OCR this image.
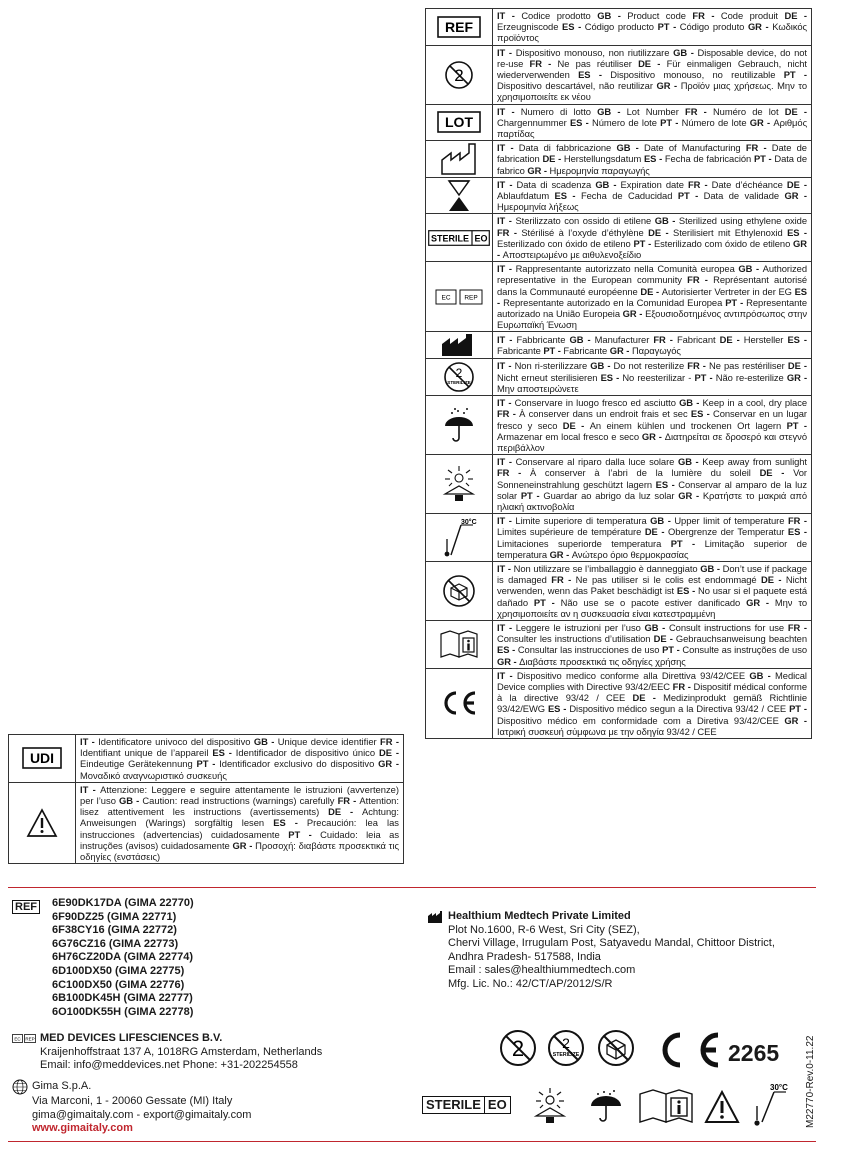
REF	IT - Codice prodotto GB - Product code FR - Code produit DE - Erzeugniscode ES - Código producto PT - Código produto GR - Κωδικός προϊόντος

2	IT - Dispositivo monouso, non riutilizzare GB - Disposable device, do not re-use FR - Ne pas réutiliser DE - Für einmaligen Gebrauch, nicht wiederverwenden ES - Dispositivo monouso, no reutilizable PT - Dispositivo descartável, não reutilizar GR - Προϊόν μιας χρήσεως. Μην το χρησιμοποιείτε εκ νέου

LOT	IT - Numero di lotto GB - Lot Number FR - Numéro de lot DE - Chargennummer ES - Número de lote PT - Número de lote GR - Αριθμός παρτίδας

	IT - Data di fabbricazione GB - Date of Manufacturing FR - Date de fabrication DE - Herstellungsdatum ES - Fecha de fabricación PT - Data de fabrico GR - Ημερομηνία παραγωγής

	IT - Data di scadenza GB - Expiration date FR - Date d’échéance DE - Ablaufdatum ES - Fecha de Caducidad PT - Data de validade GR - Ημερομηνία λήξεως

STERILE EO	IT - Sterilizzato con ossido di etilene GB - Sterilized using ethylene oxide FR - Stérilisé à l’oxyde d’éthylène DE - Sterilisiert mit Ethylenoxid ES - Esterilizado con óxido de etileno PT - Esterilizado com óxido de etileno GR - Αποστειρωμένο με αιθυλενοξείδιο

EC REP	IT - Rappresentante autorizzato nella Comunità europea GB - Authorized representative in the European community FR - Représentant autorisé dans la Communauté européenne DE - Autorisierter Vertreter in der EG ES - Representante autorizado en la Comunidad Europea PT - Representante autorizado na União Europeia GR - Εξουσιοδοτημένος αντιπρόσωπος στην Ευρωπαϊκή Ένωση

	IT - Fabbricante GB - Manufacturer FR - Fabricant DE - Hersteller ES - Fabricante PT - Fabricante GR - Παραγωγός

2
STERILIZE	IT - Non ri-sterilizzare GB - Do not resterilize FR - Ne pas restériliser DE - Nicht erneut sterilisieren ES - No reesterilizar - PT - Não re-esterilize GR - Μην αποστειρώνετε

	IT - Conservare in luogo fresco ed asciutto GB - Keep in a cool, dry place FR - À conserver dans un endroit frais et sec ES - Conservar en un lugar fresco y seco DE - An einem kühlen und trockenen Ort lagern PT - Armazenar em local fresco e seco GR - Διατηρείται σε δροσερό και στεγνό περιβάλλον

	IT - Conservare al riparo dalla luce solare GB - Keep away from sunlight FR - À conserver à l’abri de la lumière du soleil DE - Vor Sonneneinstrahlung geschützt lagern ES - Conservar al amparo de la luz solar PT - Guardar ao abrigo da luz solar GR - Κρατήστε το μακριά από ηλιακή ακτινοβολία

30°C	IT - Limite superiore di temperatura GB - Upper limit of temperature FR - Limites supérieure de température DE - Obergrenze der Temperatur ES - Limitaciones superiorde temperatura PT - Limitação superior de temperatura GR - Ανώτερο όριο θερμοκρασίας

	IT - Non utilizzare se l’imballaggio è danneggiato GB - Don’t use if package is damaged FR - Ne pas utiliser si le colis est endommagé DE - Nicht verwenden, wenn das Paket beschädigt ist ES - No usar si el paquete está dañado PT - Não use se o pacote estiver danificado GR - Μην το χρησιμοποιείτε αν η συσκευασία είναι κατεστραμμένη

	IT - Leggere le istruzioni per l’uso GB - Consult instructions for use FR - Consulter les instructions d’utilisation DE - Gebrauchsanweisung beachten ES - Consultar las instrucciones de uso PT - Consulte as instruções de uso GR - Διαβάστε προσεκτικά τις οδηγίες χρήσης

	IT - Dispositivo medico conforme alla Direttiva 93/42/CEE GB - Medical Device complies with Directive 93/42/EEC FR - Dispositif médical conforme à la directive 93/42 / CEE DE - Medizinprodukt gemäß Richtlinie 93/42/EWG ES - Dispositivo médico segun a la Directiva 93/42 / CEE PT - Dispositivo médico em conformidade com a Diretiva 93/42/CEE GR - Ιατρική συσκευή σύμφωνα με την οδηγία 93/42 / CEE
UDI	IT - Identificatore univoco del dispositivo GB - Unique device identifier FR - Identifiant unique de l’appareil ES - Identificador de dispositivo único DE - Eindeutige Gerätekennung PT - Identificador exclusivo do dispositivo GR - Μοναδικό αναγνωριστικό συσκευής

	IT - Attenzione: Leggere e seguire attentamente le istruzioni (avvertenze) per l’uso GB - Caution: read instructions (warnings) carefully FR - Attention: lisez attentivement les instructions (avertissements) DE - Achtung: Anweisungen (Warings) sorgfältig lesen ES - Precaución: lea las instrucciones (advertencias) cuidadosamente PT - Cuidado: leia as instruções (avisos) cuidadosamente GR - Προσοχή: διαβάστε προσεκτικά τις οδηγίες (ενστάσεις)
REF 6E90DK17DA (GIMA 22770)
6F90DZ25 (GIMA 22771)
6F38CY16 (GIMA 22772)
6G76CZ16 (GIMA 22773)
6H76CZ20DA (GIMA 22774)
6D100DX50 (GIMA 22775)
6C100DX50 (GIMA 22776)
6B100DK45H (GIMA 22777)
6O100DK55H (GIMA 22778)
Healthium Medtech Private Limited
Plot No.1600, R-6 West, Sri City (SEZ),
Chervi Village, Irrugulam Post, Satyavedu Mandal, Chittoor District,
Andhra Pradesh- 517588, India
Email : sales@healthiummedtech.com
Mfg. Lic. No.: 42/CT/AP/2012/S/R
EC REP MED DEVICES LIFESCIENCES B.V.
Kraijenhoffstraat 137 A, 1018RG Amsterdam, Netherlands
Email: info@meddevices.net Phone: +31-202254558
Gima S.p.A.
Via Marconi, 1 - 20060 Gessate (MI) Italy
gima@gimaitaly.com - export@gimaitaly.com
www.gimaitaly.com
2	2
STERILIZE	2265
STERILE EO
30°C M22770-Rev.0-11.22
